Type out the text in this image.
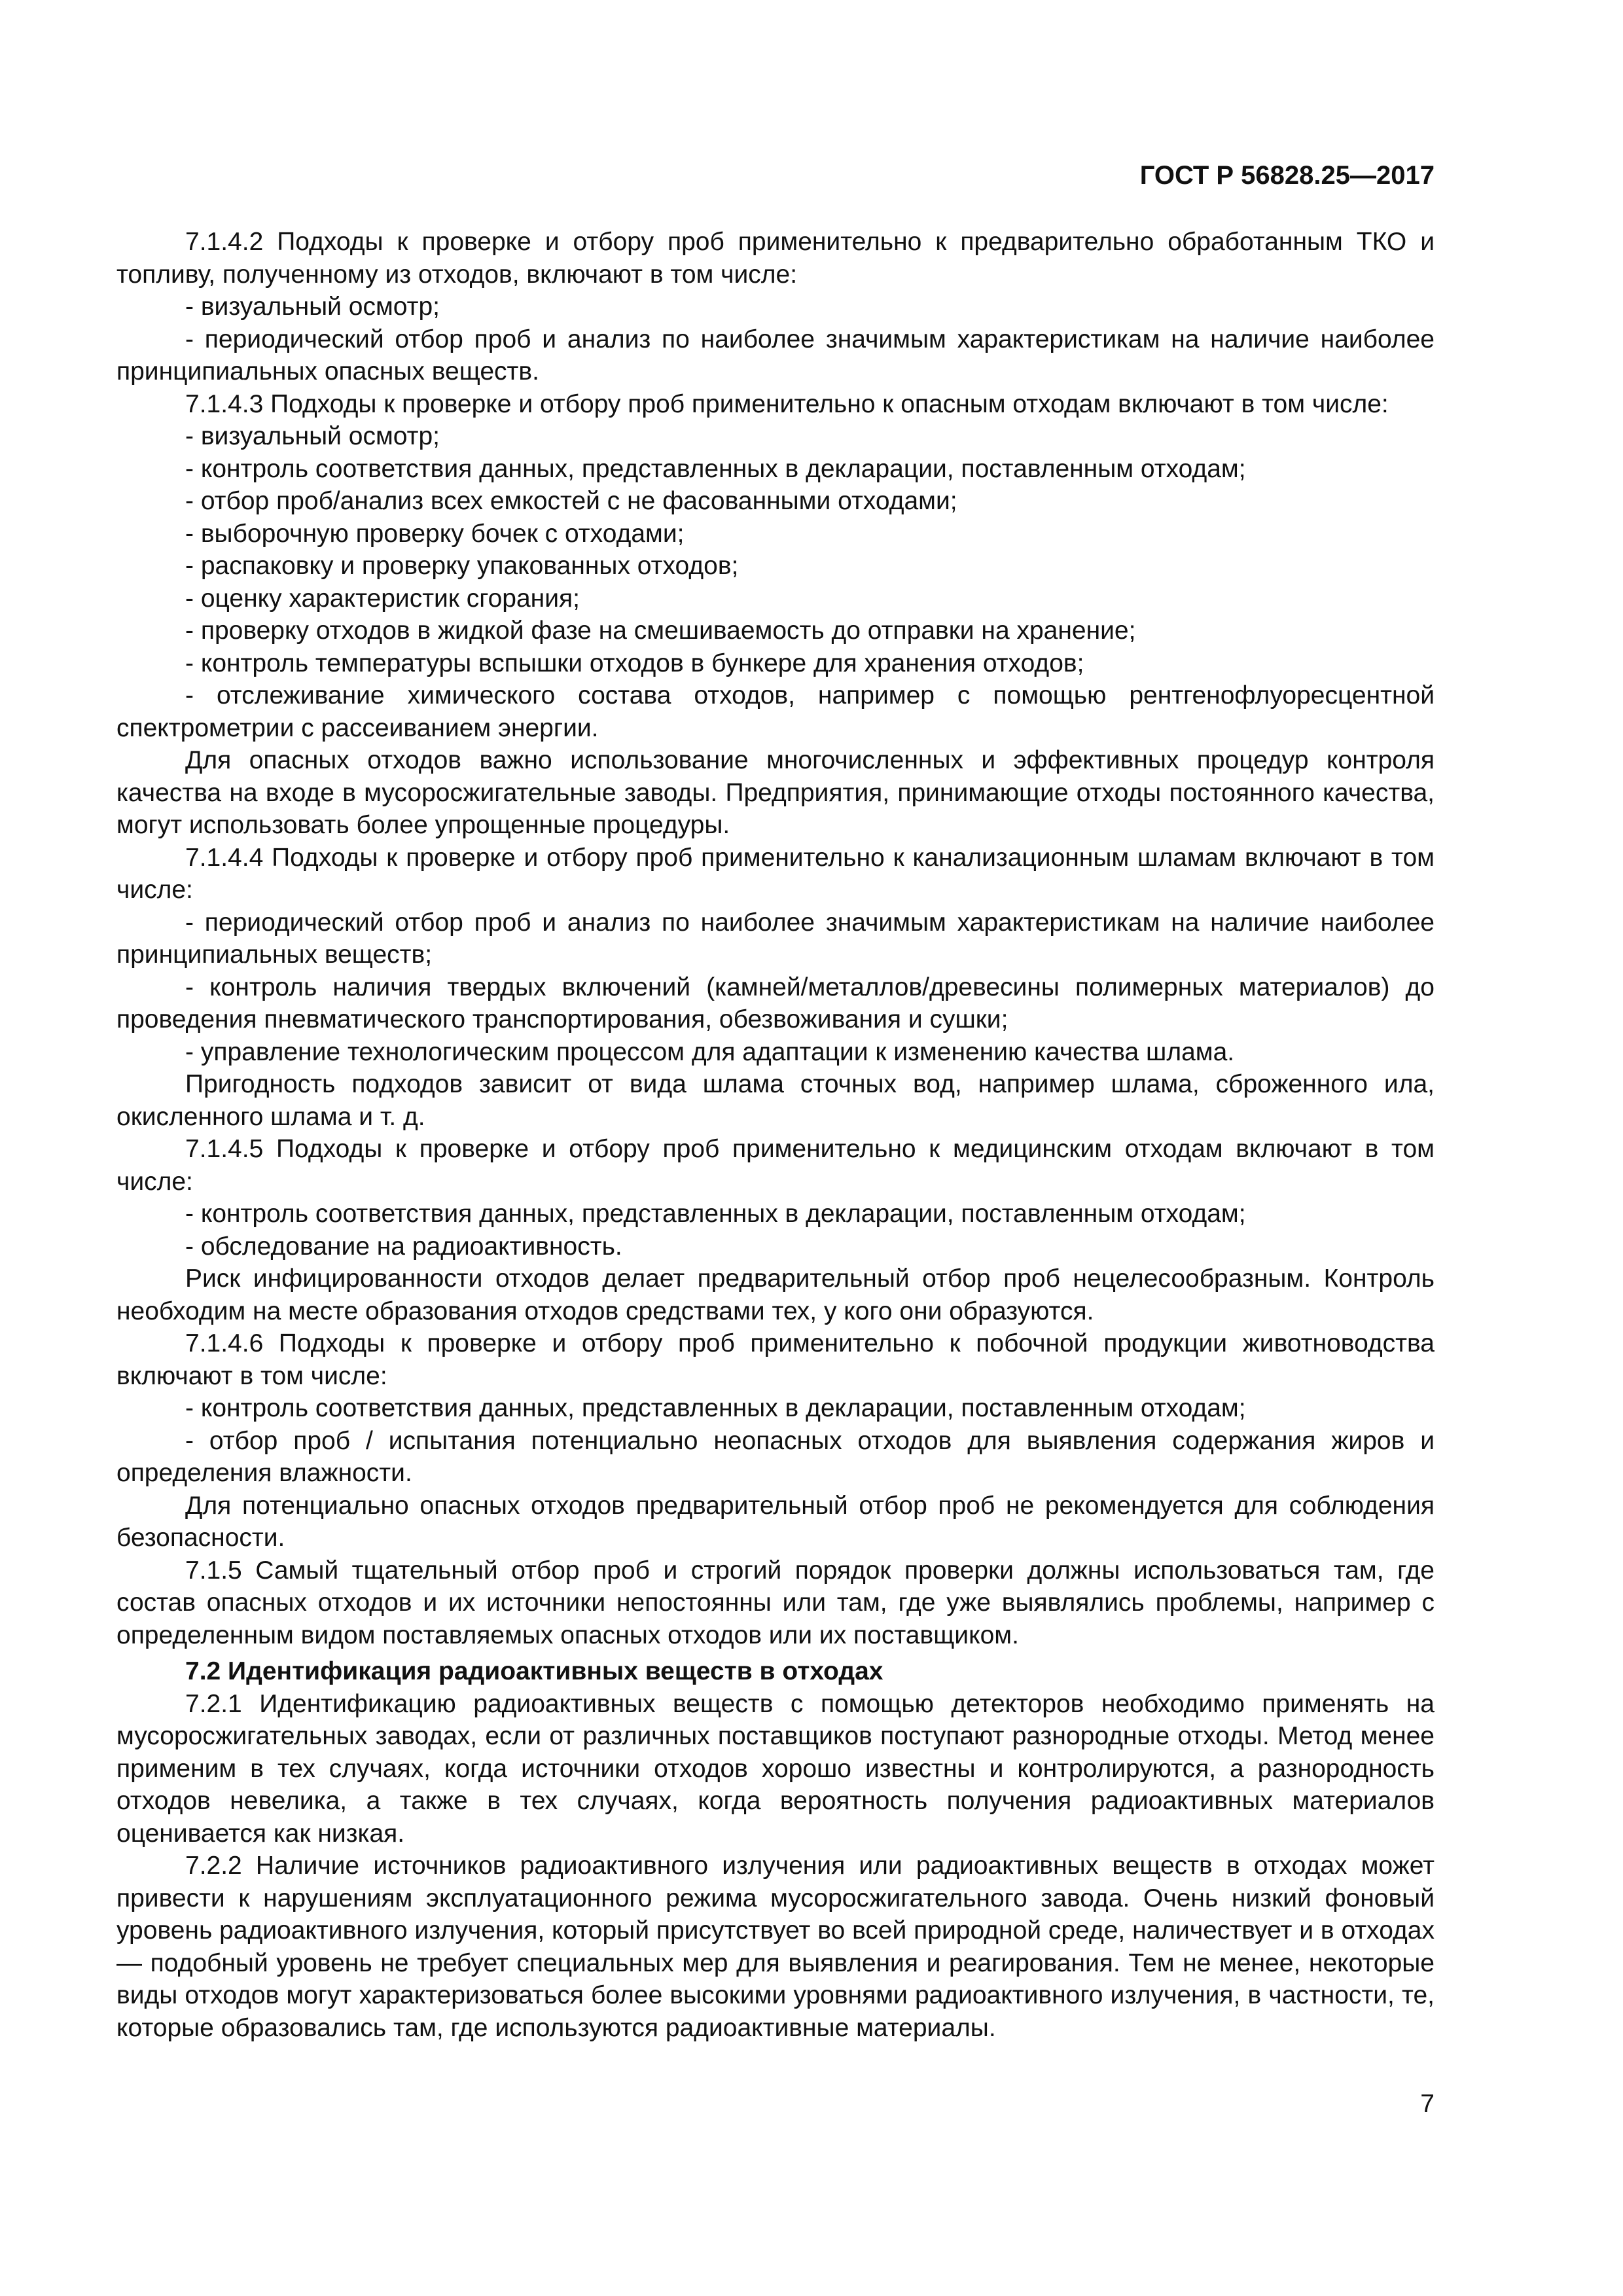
ГОСТ Р 56828.25—2017

7.1.4.2 Подходы к проверке и отбору проб применительно к предварительно обработанным ТКО и топливу, полученному из отходов, включают в том числе:

- визуальный осмотр;

- периодический отбор проб и анализ по наиболее значимым характеристикам на наличие наиболее принципиальных опасных веществ.

7.1.4.3 Подходы к проверке и отбору проб применительно к опасным отходам включают в том числе:

- визуальный осмотр;

- контроль соответствия данных, представленных в декларации, поставленным отходам;

- отбор проб/анализ всех емкостей с не фасованными отходами;

- выборочную проверку бочек с отходами;

- распаковку и проверку упакованных отходов;

- оценку характеристик сгорания;

- проверку отходов в жидкой фазе на смешиваемость до отправки на хранение;

- контроль температуры вспышки отходов в бункере для хранения отходов;

- отслеживание химического состава отходов, например с помощью рентгенофлуоресцентной спектрометрии с рассеиванием энергии.

Для опасных отходов важно использование многочисленных и эффективных процедур контроля качества на входе в мусоросжигательные заводы. Предприятия, принимающие отходы постоянного качества, могут использовать более упрощенные процедуры.

7.1.4.4 Подходы к проверке и отбору проб применительно к канализационным шламам включают в том числе:

- периодический отбор проб и анализ по наиболее значимым характеристикам на наличие наиболее принципиальных веществ;

- контроль наличия твердых включений (камней/металлов/древесины полимерных материалов) до проведения пневматического транспортирования, обезвоживания и сушки;

- управление технологическим процессом для адаптации к изменению качества шлама.

Пригодность подходов зависит от вида шлама сточных вод, например шлама, сброженного ила, окисленного шлама и т. д.

7.1.4.5 Подходы к проверке и отбору проб применительно к медицинским отходам включают в том числе:

- контроль соответствия данных, представленных в декларации, поставленным отходам;

- обследование на радиоактивность.

Риск инфицированности отходов делает предварительный отбор проб нецелесообразным. Контроль необходим на месте образования отходов средствами тех, у кого они образуются.

7.1.4.6 Подходы к проверке и отбору проб применительно к побочной продукции животноводства включают в том числе:

- контроль соответствия данных, представленных в декларации, поставленным отходам;

- отбор проб / испытания потенциально неопасных отходов для выявления содержания жиров и определения влажности.

Для потенциально опасных отходов предварительный отбор проб не рекомендуется для соблюдения безопасности.

7.1.5 Самый тщательный отбор проб и строгий порядок проверки должны использоваться там, где состав опасных отходов и их источники непостоянны или там, где уже выявлялись проблемы, например с определенным видом поставляемых опасных отходов или их поставщиком.

7.2 Идентификация радиоактивных веществ в отходах

7.2.1 Идентификацию радиоактивных веществ с помощью детекторов необходимо применять на мусоросжигательных заводах, если от различных поставщиков поступают разнородные отходы. Метод менее применим в тех случаях, когда источники отходов хорошо известны и контролируются, а разнородность отходов невелика, а также в тех случаях, когда вероятность получения радиоактивных материалов оценивается как низкая.

7.2.2 Наличие источников радиоактивного излучения или радиоактивных веществ в отходах может привести к нарушениям эксплуатационного режима мусоросжигательного завода. Очень низкий фоновый уровень радиоактивного излучения, который присутствует во всей природной среде, наличествует и в отходах — подобный уровень не требует специальных мер для выявления и реагирования. Тем не менее, некоторые виды отходов могут характеризоваться более высокими уровнями радиоактивного излучения, в частности, те, которые образовались там, где используются радиоактивные материалы.

7
